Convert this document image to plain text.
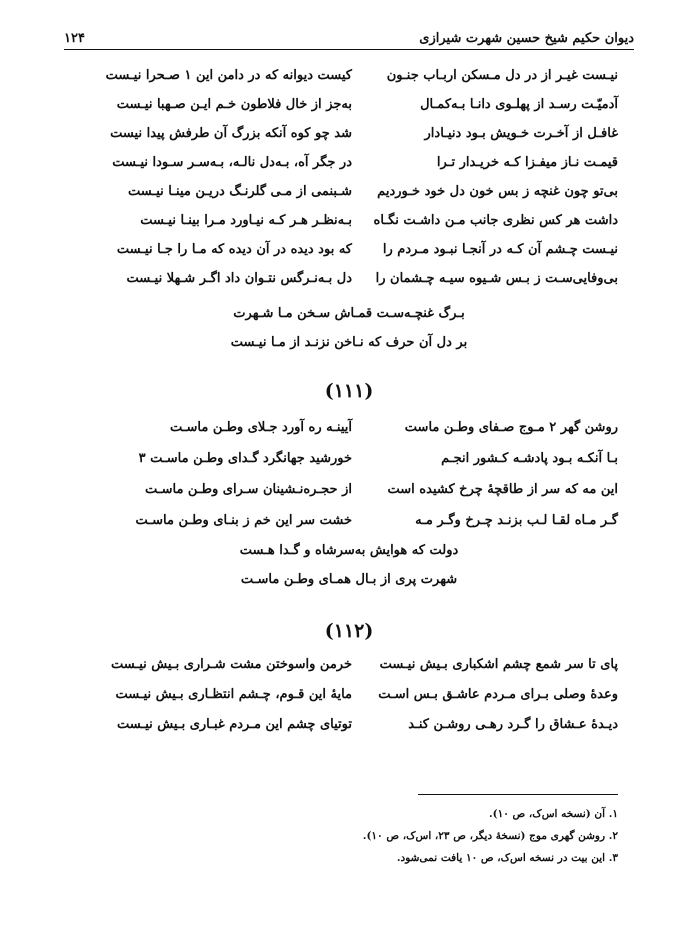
دیوان حکیم شیخ حسین شهرت شیرازی
۱۲۴
نیـست غیـر از در دل مـسکن اربـاب جنـون
کیست دیوانه که در دامن این ۱ صـحرا نیـست
آدمیّـت رسـد از پهلـوی دانـا بـه‌کمـال
به‌جز از خال فلاطون خـم ایـن صـهبا نیـست
غافـل از آخـرت خـویش بـود دنیـادار
شد چو کوه آنکه بزرگ آن طرفش پیدا نیست
قیمـت نـاز میفـزا کـه خریـدار تـرا
در جگر آه، بـه‌دل نالـه، بـه‌سـر سـودا نیـست
بی‌تو چون غنچه ز بس خون دل خود خـوردیم
شـبنمی از مـی گلرنـگ دریـن مینـا نیـست
داشت هر کس نظری جانب مـن داشـت نگـاه
بـه‌نظـر هـر کـه نیـاورد مـرا بینـا نیـست
نیـست چـشم آن کـه در آنجـا نبـود مـردم را
که بود دیده در آن دیده که مـا را جـا نیـست
بی‌وفایی‌سـت ز بـس شـیوه سیـه چـشمان را
دل بـه‌نـرگس نتـوان داد اگـر شـهلا نیـست
بـرگ غنچـه‌سـت قمـاش سـخن مـا شـهرت
بر دل آن حرف که نـاخن نزنـد از مـا نیـست
(۱۱۱)
روشن گهر ۲ مـوج صـفای وطـن ماست
آیینـه ره آورد جـلای وطـن ماسـت
بـا آنکـه بـود پادشـه کـشور انجـم
خورشید جهانگرد گـدای وطـن ماسـت ۳
این مه که سر از طاقچهٔ چرخ کشیده است
از حجـره‌نـشینان سـرای وطـن ماسـت
گـر مـاه لقـا لـب بزنـد چـرخ وگـر مـه
خشت سر این خم ز بنـای وطـن ماسـت
دولت که هوایش به‌سرشاه و گـدا هـست
شهرت پری از بـال همـای وطـن ماسـت
(۱۱۲)
پای تا سر شمع چشم اشکباری بـیش نیـست
خرمن واسوختن مشت شـراری بـیش نیـست
وعدهٔ وصلی بـرای مـردم عاشـق بـس اسـت
مایهٔ این قـوم، چـشم انتظـاری بـیش نیـست
دیـدهٔ عـشاق را گـرد رهـی روشـن کنـد
توتیای چشم این مـردم غبـاری بـیش نیـست
۱. آن (نسخه اس‌ک، ص ۱۰).
۲. روشن گهری موج (نسخهٔ دیگر، ص ۲۳، اس‌ک، ص ۱۰).
۳. این بیت در نسخه اس‌ک، ص ۱۰ یافت نمی‌شود.
